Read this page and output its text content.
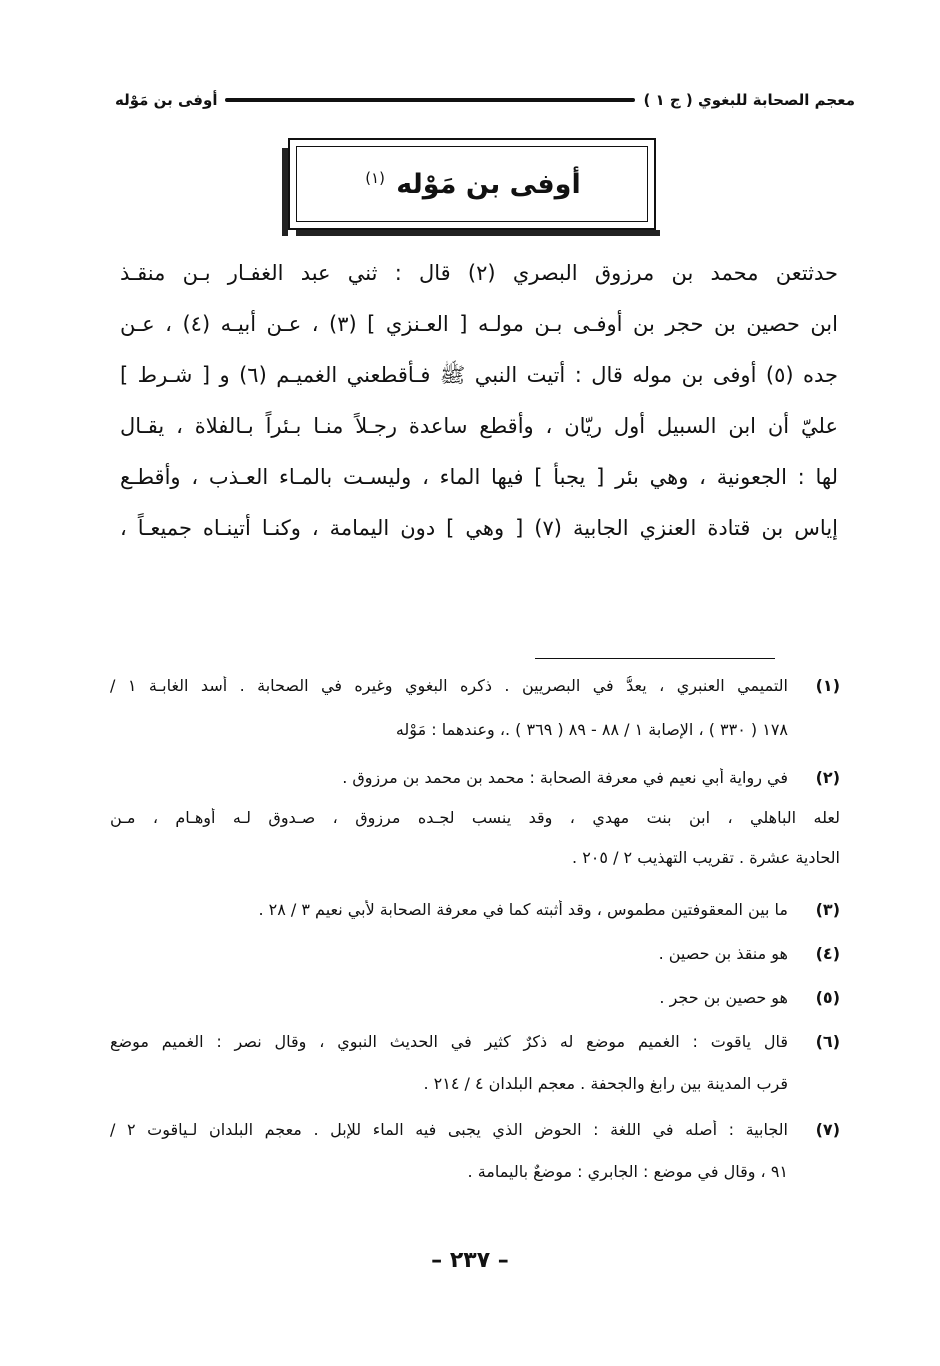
معجم الصحابة للبغوي ( ج ١ )
أوفى بن مَوْله
أوفى بن مَوْله $^{(١)}$
حدثتعن محمد بن مرزوق البصري (٢) قال : ثني عبد الغفـار بـن منقـذ
ابن حصين بن حجر بن أوفـى بـن مولـه [ العـنزي ] (٣) ، عـن أبيـه (٤) ، عـن
جده (٥) أوفى بن موله قال : أتيت النبي ﷺ فـأقطعني الغميـم (٦) و [ شـرط ]
عليّ أن ابن السبيل أول ريّان ، وأقطع ساعدة رجـلاً منـا بـئراً بـالفلاة ، يقـال
لها : الجعونية ، وهي بئر [ يجبأ ] فيها الماء ، وليسـت بالمـاء العـذب ، وأقطـع
إياس بن قتادة العنزي الجابية (٧) [ وهي ] دون اليمامة ، وكنـا أتينـاه جميعـاً ،
(١)
التميمي العنبري ، يعدُّ في البصريين . ذكره البغوي وغيره في الصحابة . أسد الغابـة ١ /
١٧٨ ( ٣٣٠ ) ، الإصابة ١ / ٨٨ - ٨٩ ( ٣٦٩ ) .، وعندهما : مَوْله
(٢)
في رواية أبي نعيم في معرفة الصحابة : محمد بن محمد بن مرزوق .
لعله الباهلي ، ابن بنت مهدي ، وقد ينسب لجـده مرزوق ، صـدوق لـه أوهـام ، مـن
الحادية عشرة . تقريب التهذيب ٢ / ٢٠٥ .
(٣)
ما بين المعقوفتين مطموس ، وقد أثبته كما في معرفة الصحابة لأبي نعيم ٣ / ٢٨ .
(٤)
هو منقذ بن حصين .
(٥)
هو حصين بن حجر .
(٦)
قال ياقوت : الغميم موضع له ذكرٌ كثير في الحديث النبوي ، وقال نصر : الغميم موضع
قرب المدينة بين رابغ والجحفة . معجم البلدان ٤ / ٢١٤ .
(٧)
الجابية : أصله في اللغة : الحوض الذي يجبى فيه الماء للإبل . معجم البلدان لـياقوت ٢ /
٩١ ، وقال في موضع : الجابري : موضعٌ باليمامة .
– ٢٣٧ –
